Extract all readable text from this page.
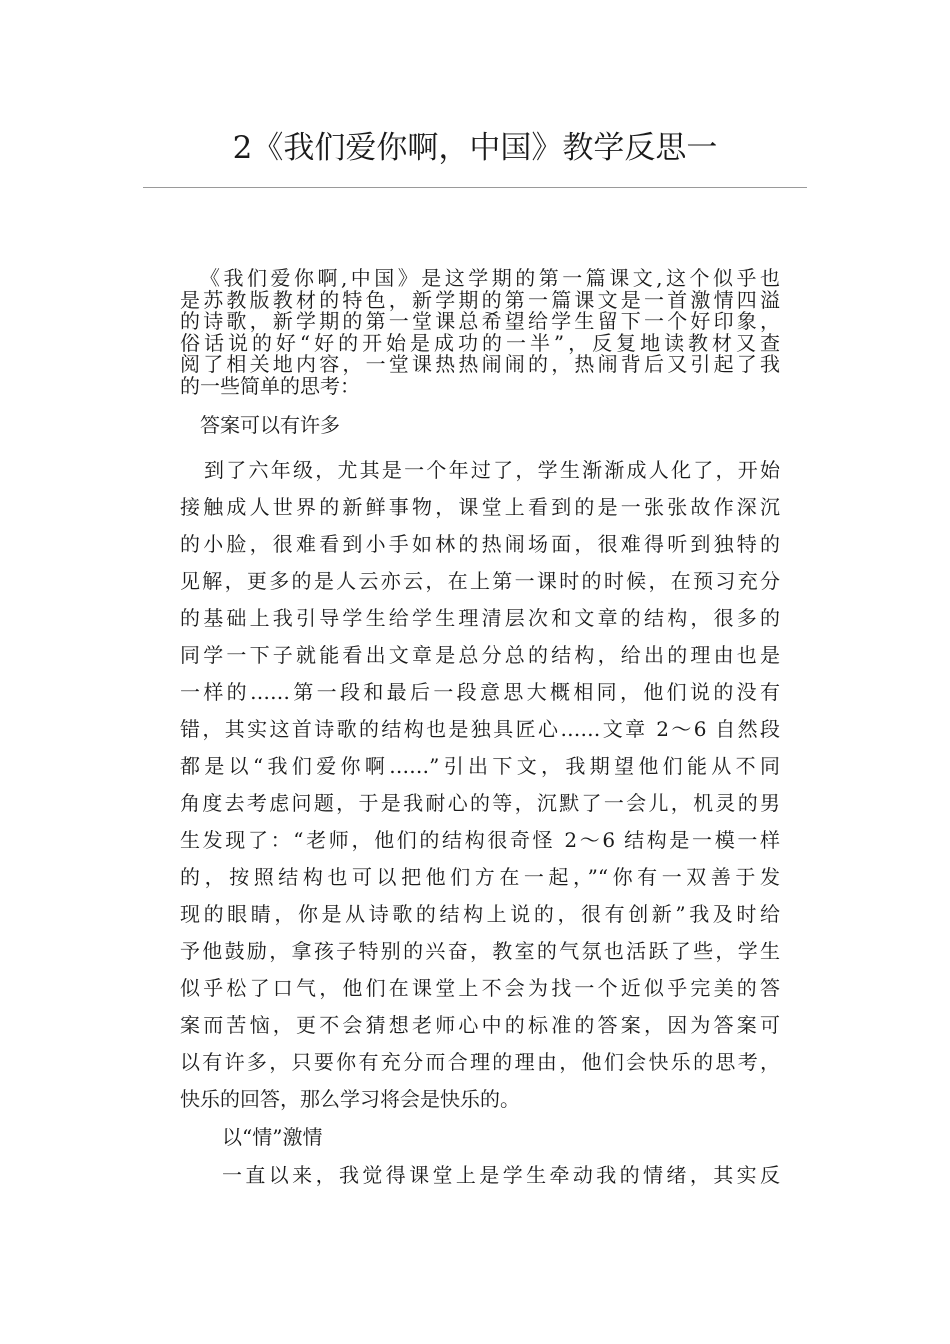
2《我们爱你啊，中国》教学反思一
《我们爱你啊,中国》是这学期的第一篇课文,这个似乎也
是苏教版教材的特色，新学期的第一篇课文是一首激情四溢
的诗歌，新学期的第一堂课总希望给学生留下一个好印象，
俗话说的好“好的开始是成功的一半”，反复地读教材又查
阅了相关地内容，一堂课热热闹闹的，热闹背后又引起了我
的一些简单的思考：
答案可以有许多
到了六年级，尤其是一个年过了，学生渐渐成人化了，开始
接触成人世界的新鲜事物，课堂上看到的是一张张故作深沉
的小脸，很难看到小手如林的热闹场面，很难得听到独特的
见解，更多的是人云亦云，在上第一课时的时候，在预习充分
的基础上我引导学生给学生理清层次和文章的结构，很多的
同学一下子就能看出文章是总分总的结构，给出的理由也是
一样的……第一段和最后一段意思大概相同，他们说的没有
错，其实这首诗歌的结构也是独具匠心……文章 2～6 自然段
都是以“我们爱你啊……”引出下文，我期望他们能从不同
角度去考虑问题，于是我耐心的等，沉默了一会儿，机灵的男
生发现了：“老师，他们的结构很奇怪 2～6 结构是一模一样
的，按照结构也可以把他们方在一起，”“你有一双善于发
现的眼睛，你是从诗歌的结构上说的，很有创新”我及时给
予他鼓励，拿孩子特别的兴奋，教室的气氛也活跃了些，学生
似乎松了口气，他们在课堂上不会为找一个近似乎完美的答
案而苦恼，更不会猜想老师心中的标准的答案，因为答案可
以有许多，只要你有充分而合理的理由，他们会快乐的思考，
快乐的回答，那么学习将会是快乐的。
以“情”激情
一直以来，我觉得课堂上是学生牵动我的情绪，其实反
